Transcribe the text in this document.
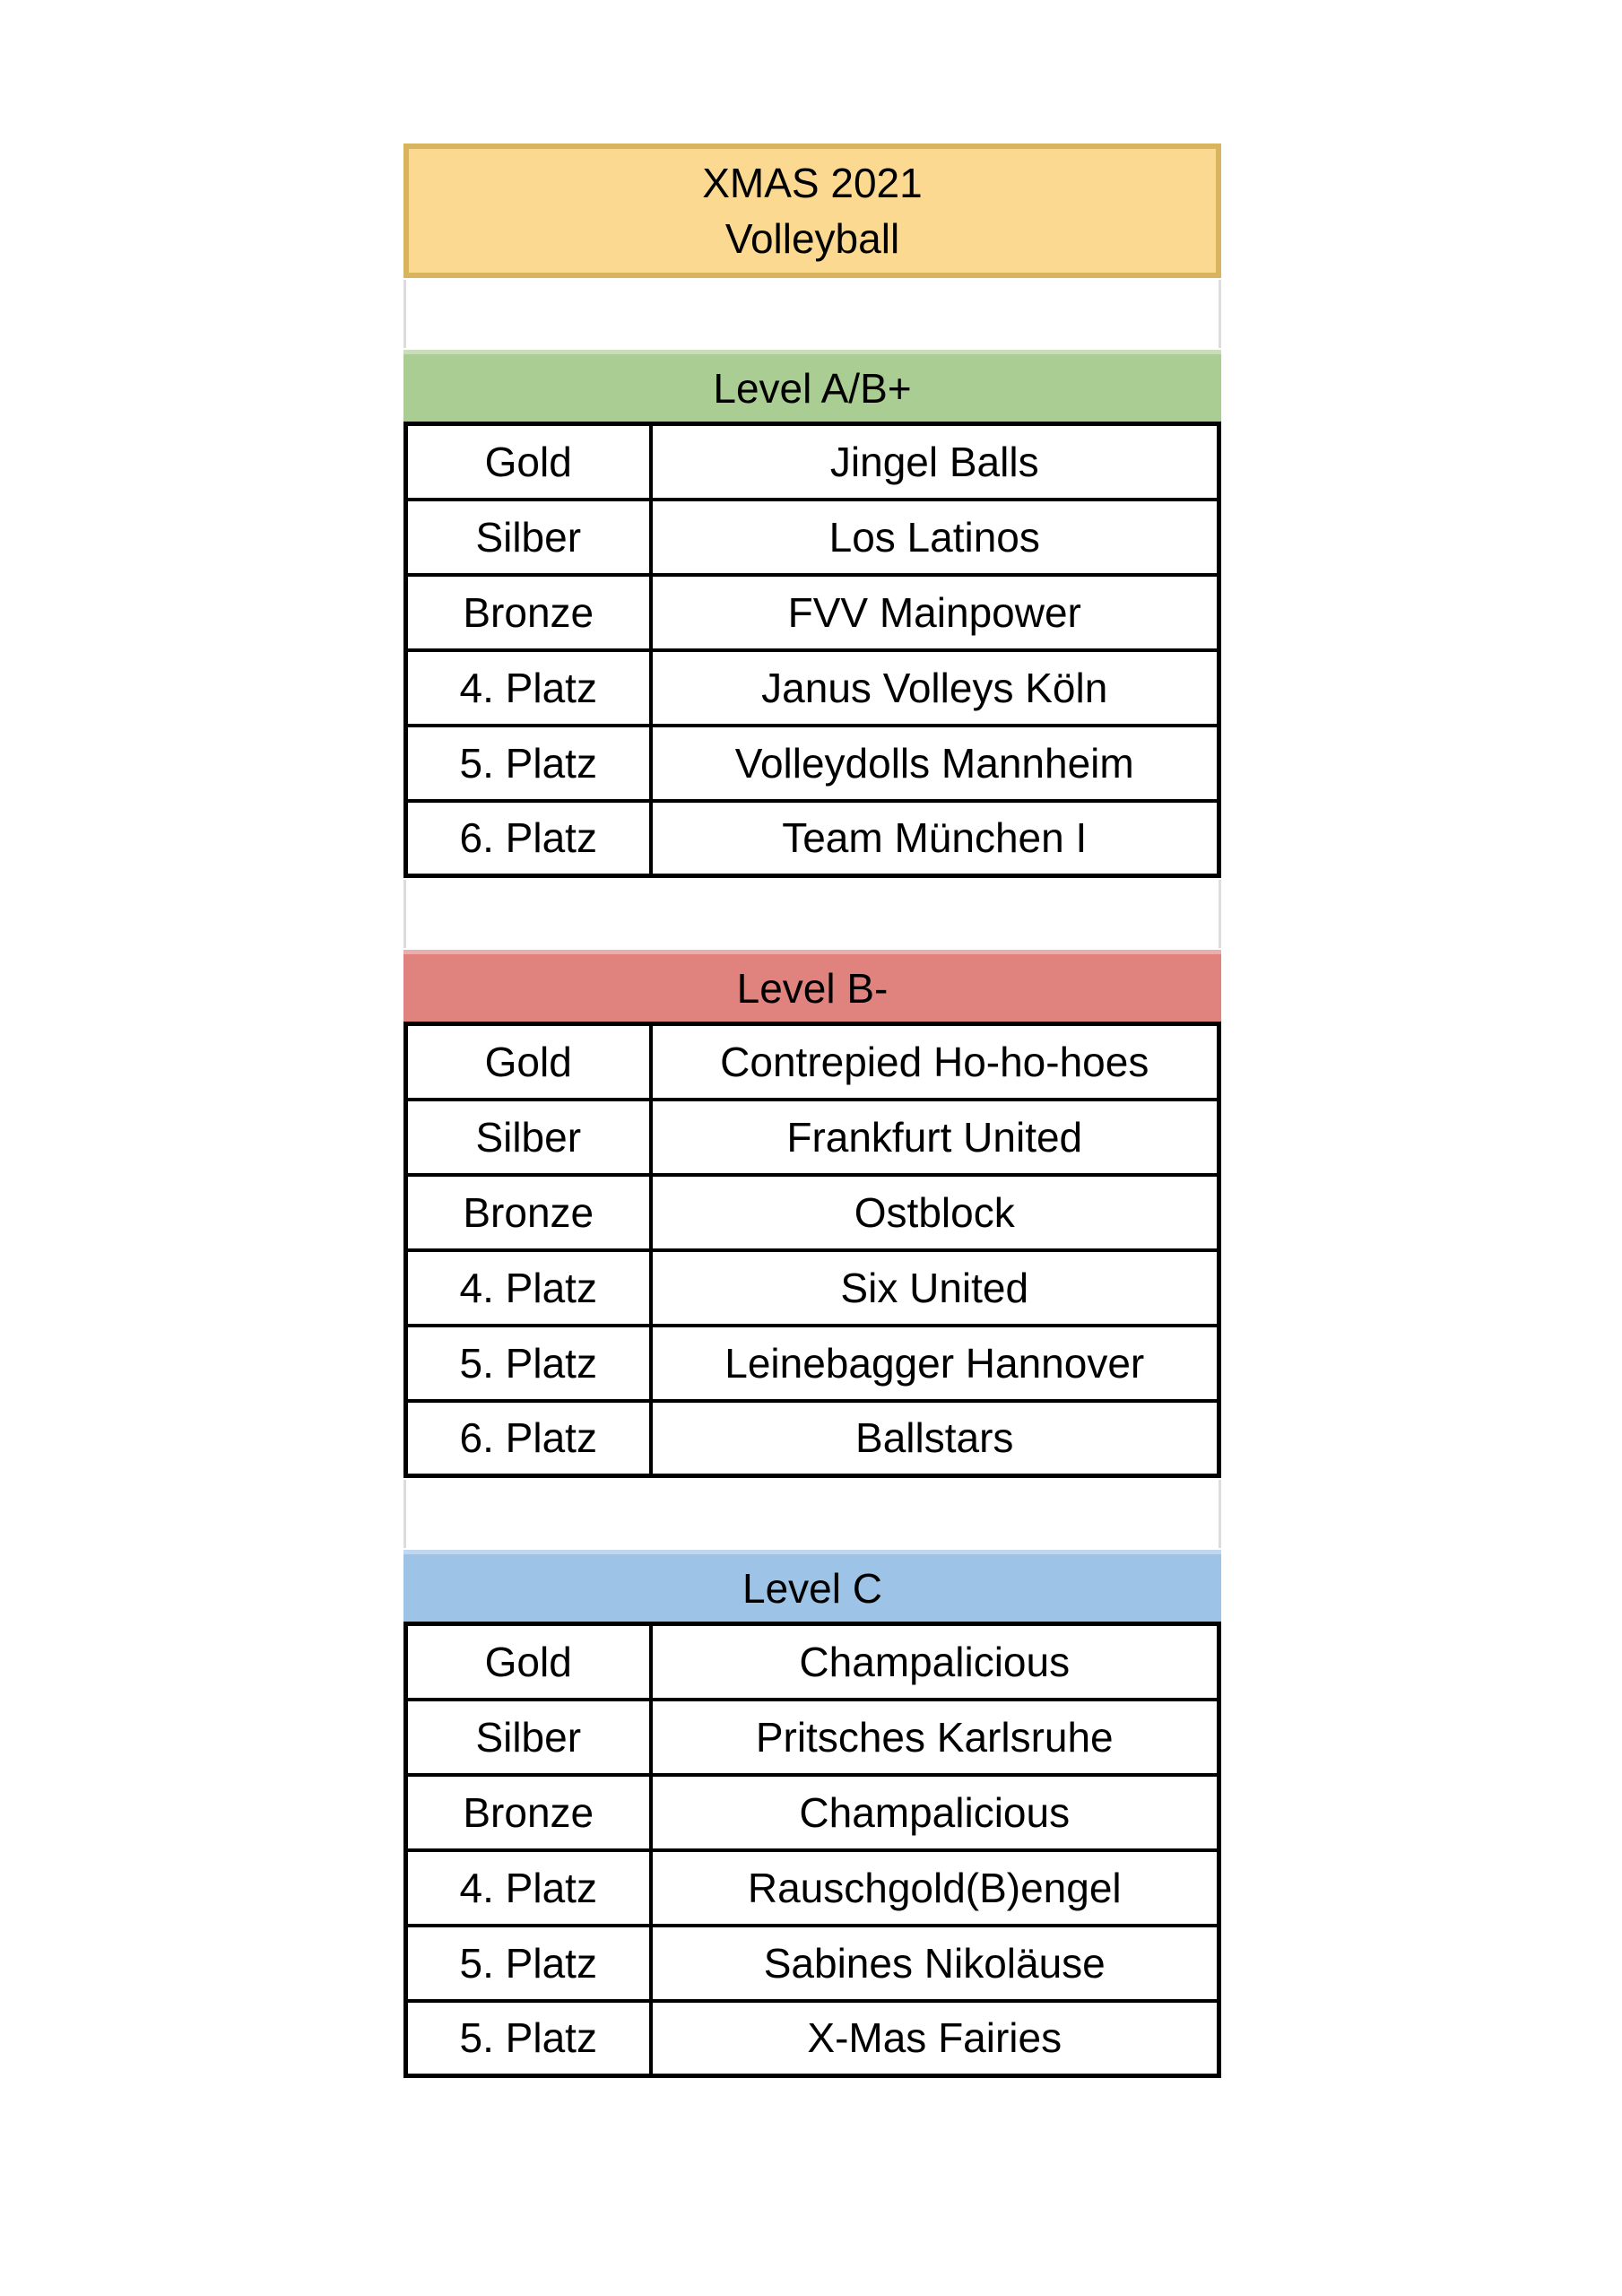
XMAS 2021
Volleyball
Level A/B+
Gold	Jingel Balls
Silber	Los Latinos
Bronze	FVV Mainpower
4. Platz	Janus Volleys Köln
5. Platz	Volleydolls Mannheim
6. Platz	Team München I
Level B-
Gold	Contrepied Ho-ho-hoes
Silber	Frankfurt United
Bronze	Ostblock
4. Platz	Six United
5. Platz	Leinebagger Hannover
6. Platz	Ballstars
Level C
Gold	Champalicious
Silber	Pritsches Karlsruhe
Bronze	Champalicious
4. Platz	Rauschgold(B)engel
5. Platz	Sabines Nikoläuse
5. Platz	X-Mas Fairies
